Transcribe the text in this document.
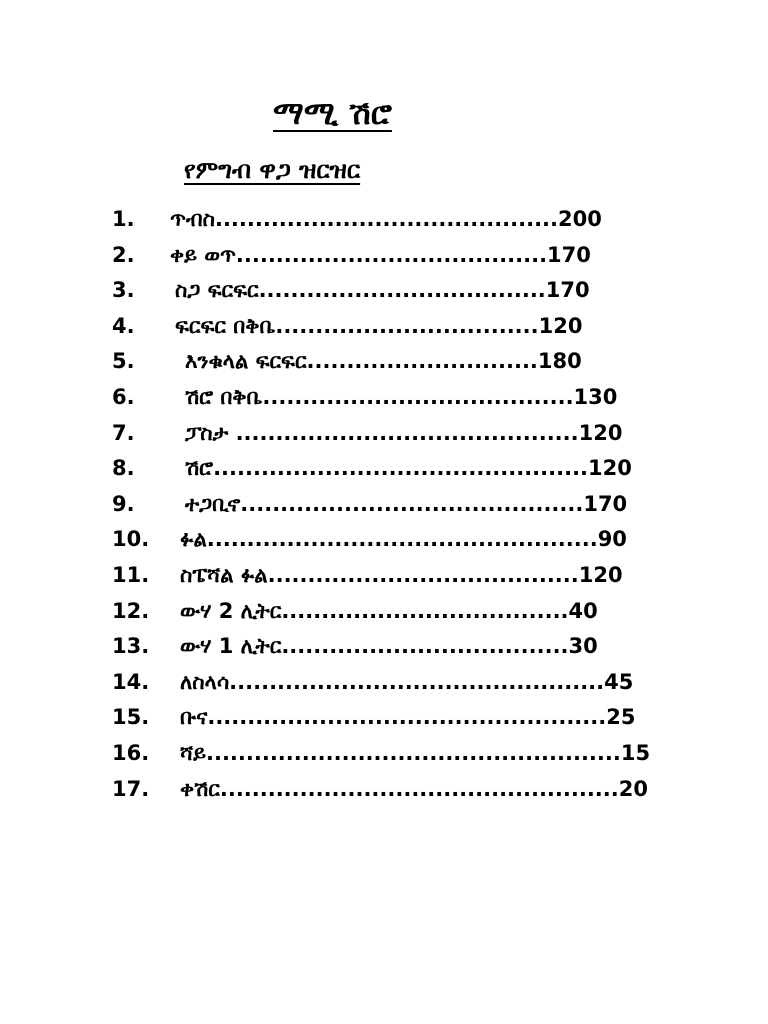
ማሚ ሽሮ
የምግብ ዋጋ ዝርዝር
1. ጥብስ...........................................200
2. ቀይ ወጥ.......................................170
3. ስጋ ፍርፍር....................................170
4. ፍርፍር በቅቤ.................................120
5. እንቁላል ፍርፍር.............................180
6. ሽሮ በቅቤ.......................................130
7. ፓስታ ...........................................120
8. ሽሮ...............................................120
9. ተጋቢኖ...........................................170
10. ፉል.................................................90
11. ስፔሻል ፉል.......................................120
12. ውሃ 2 ሊትር....................................40
13. ውሃ 1 ሊትር....................................30
14. ለስላሳ...............................................45
15. ቡና..................................................25
16. ሻይ....................................................15
17. ቀሽር..................................................20
